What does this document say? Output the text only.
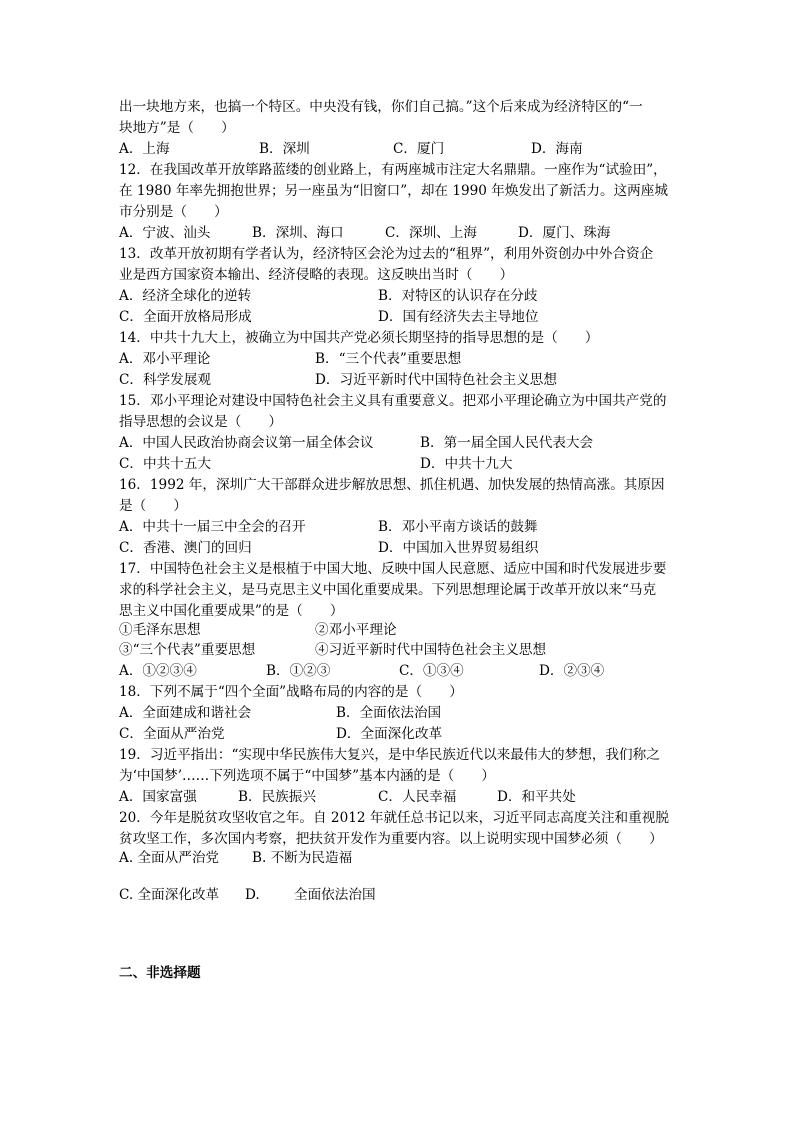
出一块地方来，也搞一个特区。中央没有钱，你们自己搞。”这个后来成为经济特区的“一
块地方”是（　　）
A．上海	B．深圳	C．厦门	D．海南
12．在我国改革开放筚路蓝缕的创业路上，有两座城市注定大名鼎鼎。一座作为“试验田”，
在 1980 年率先拥抱世界；另一座虽为“旧窗口”，却在 1990 年焕发出了新活力。这两座城
市分别是（　　）
A．宁波、汕头	B．深圳、海口	C．深圳、上海	D．厦门、珠海
13．改革开放初期有学者认为，经济特区会沦为过去的“租界”，利用外资创办中外合资企
业是西方国家资本输出、经济侵略的表现。这反映出当时（　　）
A．经济全球化的逆转	B．对特区的认识存在分歧
C．全面开放格局形成	D．国有经济失去主导地位
14．中共十九大上，被确立为中国共产党必须长期坚持的指导思想的是（　　）
A．邓小平理论	B．“三个代表”重要思想
C．科学发展观	D．习近平新时代中国特色社会主义思想
15．邓小平理论对建设中国特色社会主义具有重要意义。把邓小平理论确立为中国共产党的
指导思想的会议是（　　）
A．中国人民政治协商会议第一届全体会议	B．第一届全国人民代表大会
C．中共十五大	D．中共十九大
16．1992 年，深圳广大干部群众进步解放思想、抓住机遇、加快发展的热情高涨。其原因
是（　　）
A．中共十一届三中全会的召开	B．邓小平南方谈话的鼓舞
C．香港、澳门的回归	D．中国加入世界贸易组织
17．中国特色社会主义是根植于中国大地、反映中国人民意愿、适应中国和时代发展进步要
求的科学社会主义，是马克思主义中国化重要成果。下列思想理论属于改革开放以来“马克
思主义中国化重要成果”的是（　　）
①毛泽东思想	②邓小平理论
③“三个代表”重要思想	④习近平新时代中国特色社会主义思想
A．①②③④	B．①②③	C．①③④	D．②③④
18．下列不属于“四个全面”战略布局的内容的是（　　）
A．全面建成和谐社会	B．全面依法治国
C．全面从严治党	D．全面深化改革
19．习近平指出：“实现中华民族伟大复兴，是中华民族近代以来最伟大的梦想，我们称之
为‘中国梦’……下列选项不属于“中国梦”基本内涵的是（　　）
A．国家富强	B．民族振兴	C．人民幸福	D．和平共处
20．今年是脱贫攻坚收官之年。自 2012 年就任总书记以来，习近平同志高度关注和重视脱
贫攻坚工作，多次国内考察，把扶贫开发作为重要内容。以上说明实现中国梦必须（　　）
A. 全面从严治党 B. 不断为民造福
C. 全面深化改革 D.	全面依法治国
二、非选择题
